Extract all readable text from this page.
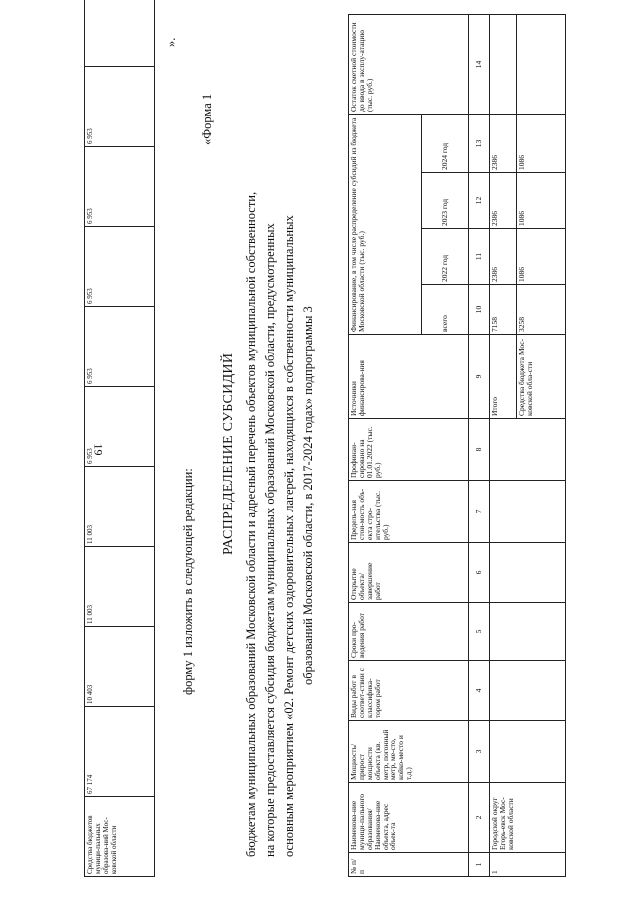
Средства бюджетов муници-пальных образова-ний Мос-ковской области	67 174	10 403	11 003	11 003	6 953	6 953	6 953	6 953	6 953	
».
форму 1 изложить в следующей редакции:
«Форма 1
РАСПРЕДЕЛЕНИЕ СУБСИДИЙ бюджетам муниципальных образований Московской области и адресный перечень объектов муниципальной собственности, на которые предоставляется субсидия бюджетам муниципальных образований Московской области, предусмотренных основным мероприятием «02. Ремонт детских оздоровительных лагерей, находящихся в собственности муниципальных образований Московской области, в 2017-2024 годах» подпрограммы 3
№ п/п	Наименова-ние муници-пального образования/ Наименова-ние объекта, адрес объек-та	Мощность/ прирост мощности объекта (кв. метр, погонный метр, ме-сто, койко-место и т.д.)	Виды работ в соответ-ствии с классифика-тором работ	Сроки про-ведения работ	Открытие объекта/ завершение работ	Предель-ная стои-мость объ-екта стро-ительства (тыс. руб.)	Профинан-сировано на 01.01.2022 (тыс. руб.)	Источники финансирова-ния	Финансирование, в том числе распределение субсидий из бюджета Московской области (тыс. руб.)				Остаток сметной стоимости до ввода в эксплу-атацию (тыс. руб.)
									всего	2022 год	2023 год	2024 год	
1	2	3	4	5	6	7	8	9	10	11	12	13	14
1	Городской округ Егорь-евск Мос-ковской области							Итого	7158	2386	2386	2386	
								Средства бюджета Мос-ковской обла-сти	3258	1086	1086	1086	
19
